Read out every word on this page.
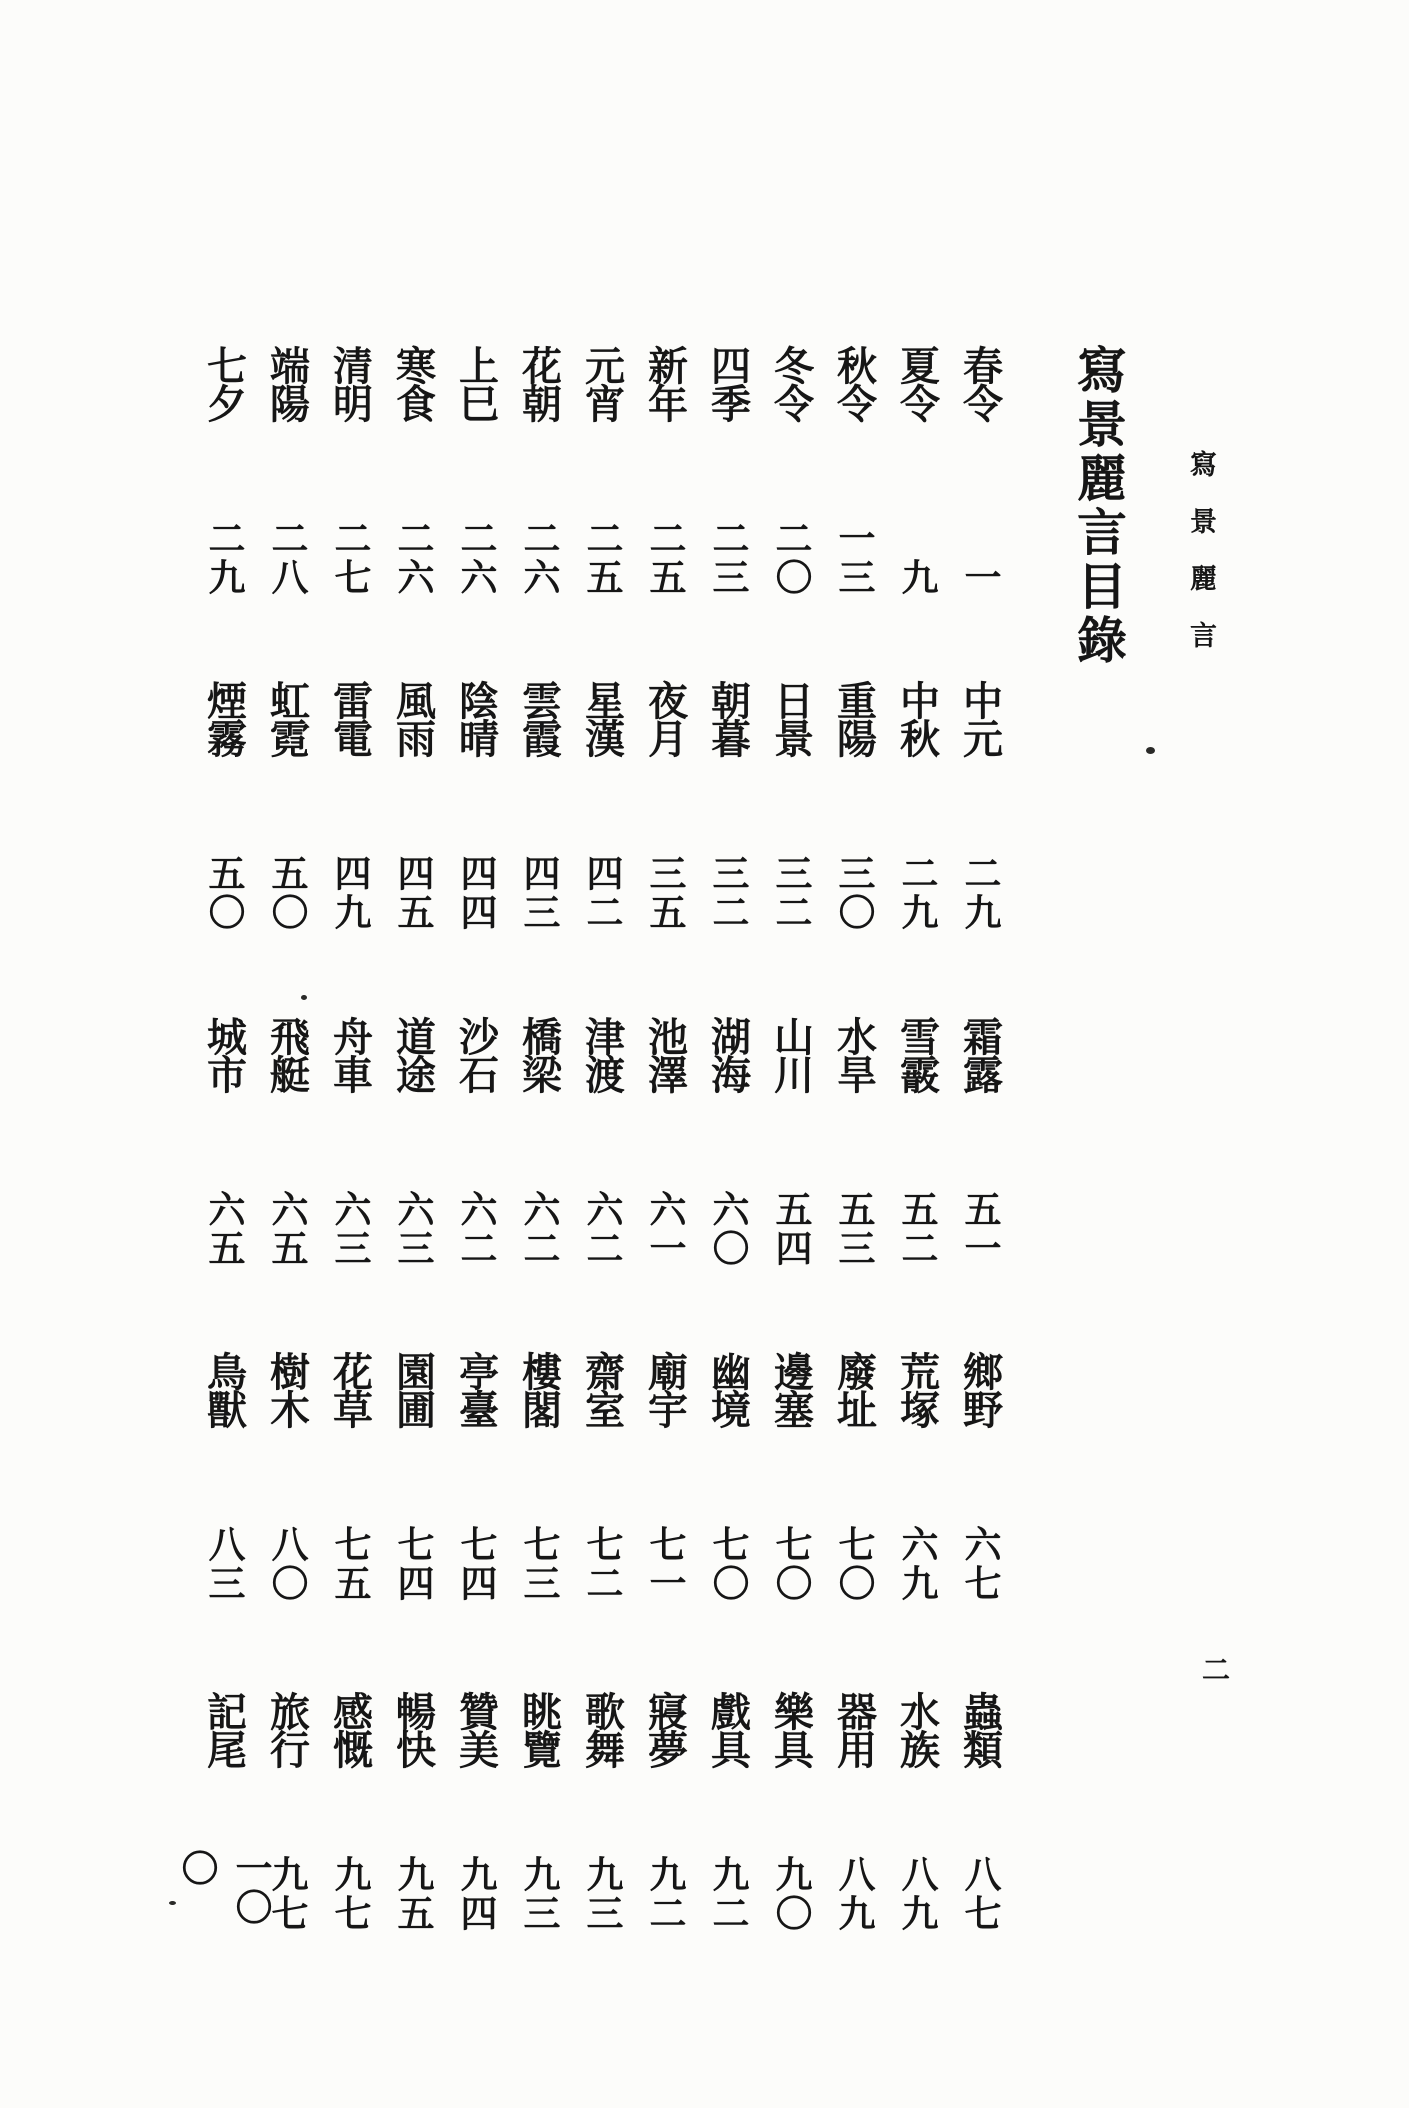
寫景麗言目錄 寫景麗言
二
春令
一
中元
二九
霜露
五一
鄉野
六七
蟲類
八七
夏令
九
中秋
二九
雪霰
五二
荒塚
六九
水族
八九
秋令
一三
重陽
三〇
水旱
五三
廢址
七〇
器用
八九
冬令
二〇
日景
三二
山川
五四
邊塞
七〇
樂具
九〇
四季
二三
朝暮
三二
湖海
六〇
幽境
七〇
戲具
九二
新年
二五
夜月
三五
池澤
六一
廟宇
七一
寢夢
九二
元宵
二五
星漢
四二
津渡
六二
齋室
七二
歌舞
九三
花朝
二六
雲霞
四三
橋梁
六二
樓閣
七三
眺覽
九三
上巳
二六
陰晴
四四
沙石
六二
亭臺
七四
贊美
九四
寒食
二六
風雨
四五
道途
六三
園圃
七四
暢快
九五
清明
二七
雷電
四九
舟車
六三
花草
七五
感慨
九七
端陽
二八
虹霓
五〇
飛艇
六五
樹木
八〇
旅行
九七
七夕
二九
煙霧
五〇
城市
六五
鳥獸
八三
記尾
一〇〇
